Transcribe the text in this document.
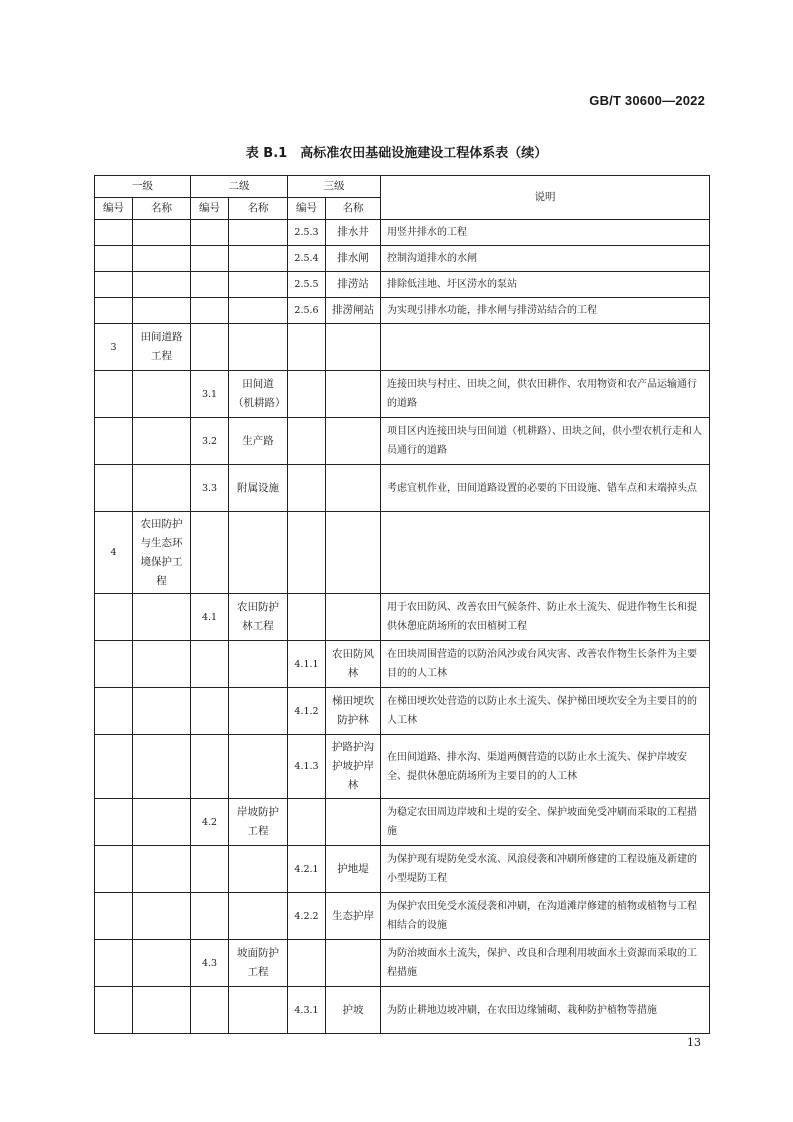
GB/T 30600—2022
表 B.1　高标准农田基础设施建设工程体系表（续）
一级		二级		三级		说明
编号	名称	编号	名称	编号	名称	
				2.5.3	排水井	用竖井排水的工程
				2.5.4	排水闸	控制沟道排水的水闸
				2.5.5	排涝站	排除低洼地、圩区涝水的泵站
				2.5.6	排涝闸站	为实现引排水功能，排水闸与排涝站结合的工程
3	田间道路工程					
		3.1	田间道（机耕路）			连接田块与村庄、田块之间，供农田耕作、农用物资和农产品运输通行的道路
		3.2	生产路			项目区内连接田块与田间道（机耕路）、田块之间，供小型农机行走和人员通行的道路
		3.3	附属设施			考虑宜机作业，田间道路设置的必要的下田设施、错车点和末端掉头点
4	农田防护与生态环境保护工程					
		4.1	农田防护林工程			用于农田防风、改善农田气候条件、防止水土流失、促进作物生长和提供休憩庇荫场所的农田植树工程
				4.1.1	农田防风林	在田块周围营造的以防治风沙或台风灾害、改善农作物生长条件为主要目的的人工林
				4.1.2	梯田埂坎防护林	在梯田埂坎处营造的以防止水土流失、保护梯田埂坎安全为主要目的的人工林
				4.1.3	护路护沟护坡护岸林	在田间道路、排水沟、渠道两侧营造的以防止水土流失、保护岸坡安全、提供休憩庇荫场所为主要目的的人工林
		4.2	岸坡防护工程			为稳定农田周边岸坡和土堤的安全、保护坡面免受冲刷而采取的工程措施
				4.2.1	护地堤	为保护现有堤防免受水流、风浪侵袭和冲刷所修建的工程设施及新建的小型堤防工程
				4.2.2	生态护岸	为保护农田免受水流侵袭和冲刷，在沟道滩岸修建的植物或植物与工程相结合的设施
		4.3	坡面防护工程			为防治坡面水土流失，保护、改良和合理利用坡面水土资源而采取的工程措施
				4.3.1	护坡	为防止耕地边坡冲刷，在农田边缘铺砌、栽种防护植物等措施
13
